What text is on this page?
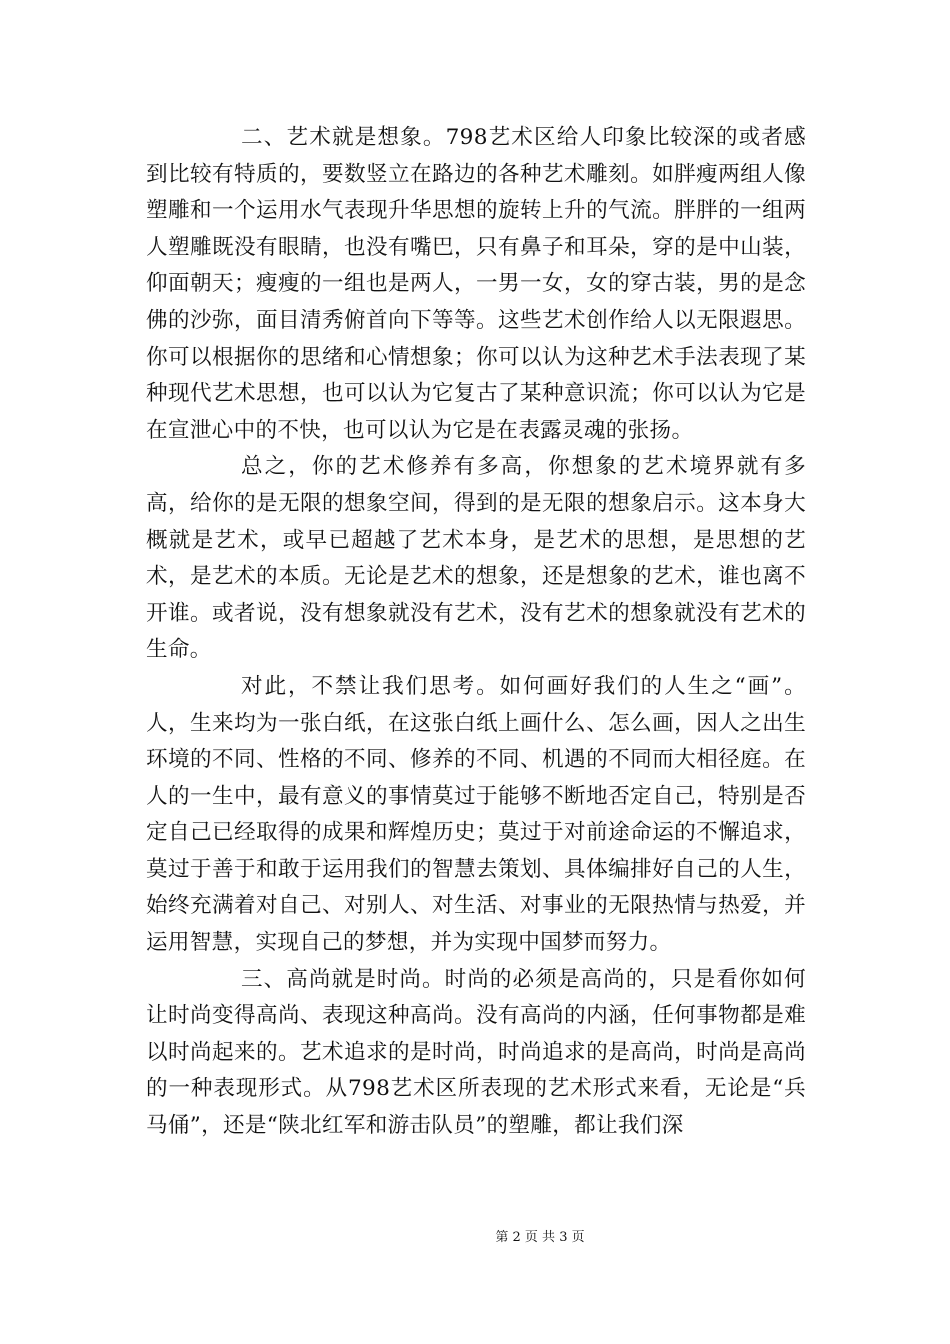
二、艺术就是想象。798艺术区给人印象比较深的或者感到比较有特质的，要数竖立在路边的各种艺术雕刻。如胖瘦两组人像塑雕和一个运用水气表现升华思想的旋转上升的气流。胖胖的一组两人塑雕既没有眼睛，也没有嘴巴，只有鼻子和耳朵，穿的是中山装，仰面朝天；瘦瘦的一组也是两人，一男一女，女的穿古装，男的是念佛的沙弥，面目清秀俯首向下等等。这些艺术创作给人以无限遐思。你可以根据你的思绪和心情想象；你可以认为这种艺术手法表现了某种现代艺术思想，也可以认为它复古了某种意识流；你可以认为它是在宣泄心中的不快，也可以认为它是在表露灵魂的张扬。

总之，你的艺术修养有多高，你想象的艺术境界就有多高，给你的是无限的想象空间，得到的是无限的想象启示。这本身大概就是艺术，或早已超越了艺术本身，是艺术的思想，是思想的艺术，是艺术的本质。无论是艺术的想象，还是想象的艺术，谁也离不开谁。或者说，没有想象就没有艺术，没有艺术的想象就没有艺术的生命。

对此，不禁让我们思考。如何画好我们的人生之“画”。人，生来均为一张白纸，在这张白纸上画什么、怎么画，因人之出生环境的不同、性格的不同、修养的不同、机遇的不同而大相径庭。在人的一生中，最有意义的事情莫过于能够不断地否定自己，特别是否定自己已经取得的成果和辉煌历史；莫过于对前途命运的不懈追求，莫过于善于和敢于运用我们的智慧去策划、具体编排好自己的人生，始终充满着对自己、对别人、对生活、对事业的无限热情与热爱，并运用智慧，实现自己的梦想，并为实现中国梦而努力。

三、高尚就是时尚。时尚的必须是高尚的，只是看你如何让时尚变得高尚、表现这种高尚。没有高尚的内涵，任何事物都是难以时尚起来的。艺术追求的是时尚，时尚追求的是高尚，时尚是高尚的一种表现形式。从798艺术区所表现的艺术形式来看，无论是“兵马俑”，还是“陕北红军和游击队员”的塑雕，都让我们深

第 2 页 共 3 页
